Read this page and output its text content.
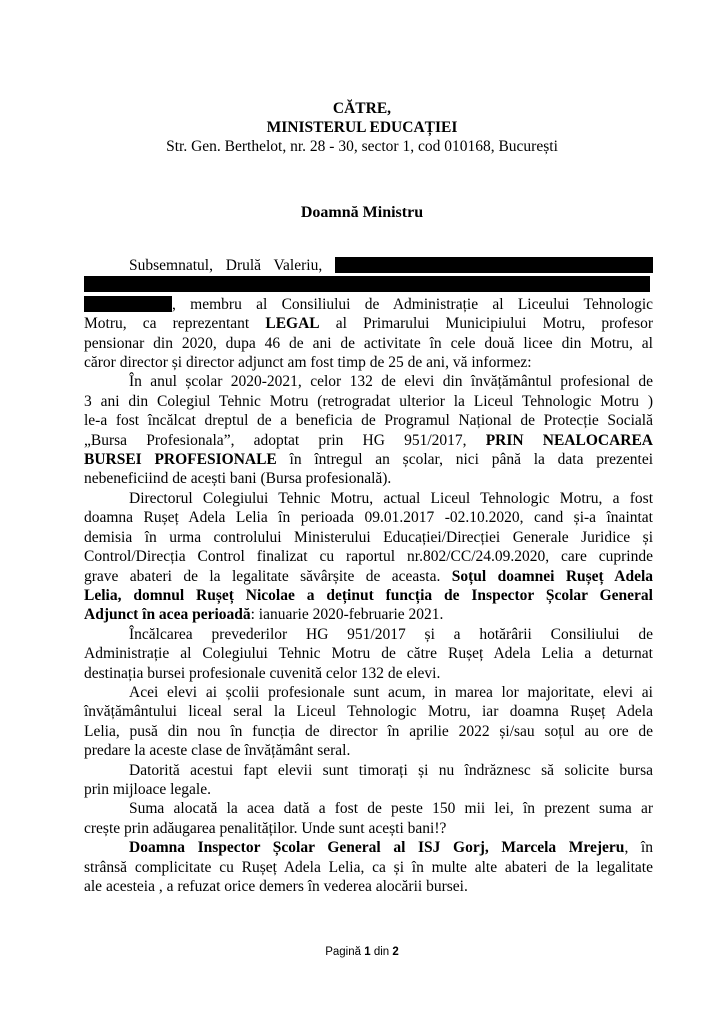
CĂTRE,
MINISTERUL EDUCAȚIEI
Str. Gen. Berthelot, nr. 28 - 30, sector 1, cod 010168, București
Doamnă Ministru
Subsemnatul, Drulă Valeriu,
, membru al Consiliului de Administrație al Liceului Tehnologic
Motru, ca reprezentant LEGAL al Primarului Municipiului Motru, profesor
pensionar din 2020, dupa 46 de ani de activitate în cele două licee din Motru, al
căror director și director adjunct am fost timp de 25 de ani, vă informez:
În anul școlar 2020-2021, celor 132 de elevi din învățământul profesional de
3 ani din Colegiul Tehnic Motru (retrogradat ulterior la Liceul Tehnologic Motru )
le-a fost încălcat dreptul de a beneficia de Programul Național de Protecție Socială
„Bursa Profesionala”, adoptat prin HG 951/2017, PRIN NEALOCAREA
BURSEI PROFESIONALE în întregul an școlar, nici până la data prezentei
nebeneficiind de acești bani (Bursa profesională).
Directorul Colegiului Tehnic Motru, actual Liceul Tehnologic Motru, a fost
doamna Rușeț Adela Lelia în perioada 09.01.2017 -02.10.2020, cand și-a înaintat
demisia în urma controlului Ministerului Educației/Direcției Generale Juridice și
Control/Direcția Control finalizat cu raportul nr.802/CC/24.09.2020, care cuprinde
grave abateri de la legalitate săvârșite de aceasta. Soțul doamnei Rușeț Adela
Lelia, domnul Rușeț Nicolae a deținut funcția de Inspector Școlar General
Adjunct în acea perioadă: ianuarie 2020-februarie 2021.
Încălcarea prevederilor HG 951/2017 și a hotărârii Consiliului de
Administrație al Colegiului Tehnic Motru de către Rușeț Adela Lelia a deturnat
destinația bursei profesionale cuvenită celor 132 de elevi.
Acei elevi ai școlii profesionale sunt acum, in marea lor majoritate, elevi ai
învățământului liceal seral la Liceul Tehnologic Motru, iar doamna Rușeț Adela
Lelia, pusă din nou în funcția de director în aprilie 2022 și/sau soțul au ore de
predare la aceste clase de învățământ seral.
Datorită acestui fapt elevii sunt timorați și nu îndrăznesc să solicite bursa
prin mijloace legale.
Suma alocată la acea dată a fost de peste 150 mii lei, în prezent suma ar
crește prin adăugarea penalităților. Unde sunt acești bani!?
Doamna Inspector Școlar General al ISJ Gorj, Marcela Mrejeru, în
strânsă complicitate cu Rușeț Adela Lelia, ca și în multe alte abateri de la legalitate
ale acesteia , a refuzat orice demers în vederea alocării bursei.
Pagină 1 din 2
